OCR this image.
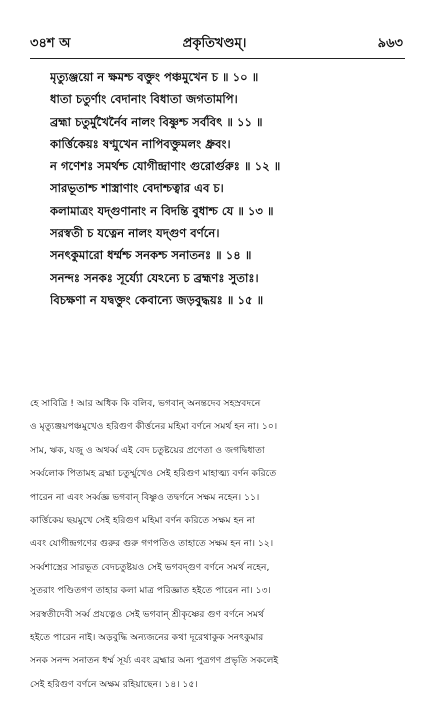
প্রকৃতিখণ্ডম্।
৩৪শ অ	৯৬৩
মৃত্যুঞ্জয়ো ন ক্ষমশ্চ বক্তুং পঞ্চমুখেন চ ॥ ১০ ॥
ধাতা চতুর্ণাং বেদানাং বিধাতা জগতামপি।
ব্রহ্মা চতুর্মুখৈর্নৈব নালং বিষ্ণুশ্চ সর্ববিৎ ॥ ১১ ॥
কার্ত্তিকেয়ঃ ষণ্মুখেন নাপিবক্তুমলং ধ্রুবং।
ন গণেশঃ সমর্থশ্চ যোগীন্দ্রাণাং গুরোর্গুরুঃ ॥ ১২ ॥
সারভূতাশ্চ শাস্ত্রাণাং বেদাশ্চত্বার এব চ।
কলামাত্রং যদ্গুণানাং ন বিদন্তি বুধাশ্চ যে ॥ ১৩ ॥
সরস্বতী চ যত্নেন নালং যদ্গুণ বর্ণনে।
সনৎকুমারো ধর্ম্মশ্চ সনকশ্চ সনাতনঃ ॥ ১৪ ॥
সনন্দঃ সনকঃ সূর্য্যো যেঽন্যে চ ব্রহ্মণঃ সুতাঃ।
বিচক্ষণা ন যদ্বক্তুং কেবান্যে জড়বুদ্ধয়ঃ ॥ ১৫ ॥
হে সাবিত্রি ! আর অধিক কি বলিব, ভগবান্‌ অনন্তদেব সহস্রবদনে
ও মৃত্যুঞ্জয়পঞ্চমুখেও হরিগুণ কীর্ত্তনের মহিমা বর্ণনে সমর্থ হন না। ১০।
সাম, ঋক, যজু ও অথর্ব্ব এই বেদ চতুষ্টয়ের প্রণেতা ও জগদ্বিধাতা
সর্ব্বলোক পিতামহ ব্রহ্মা চতুর্ম্মুখেও সেই হরিগুণ মাহাত্ম্য বর্ণন করিতে
পারেন না এবং সর্ব্বজ্ঞ ভগবান্‌ বিষ্ণুও তদ্বর্ণনে সক্ষম নহেন। ১১।
কার্ত্তিকেয় ছয়মুখে সেই হরিগুণ মহিমা বর্ণন করিতে সক্ষম হন না
এবং যোগীন্দ্রগণের গুরুর গুরু গণপতিও তাহাতে সক্ষম হন না। ১২।
সর্ব্বশাস্ত্রের সারভূত বেদচতুষ্টয়ও সেই ভগবদ্গুণ বর্ণনে সমর্থ নহেন,
সুতরাং পণ্ডিতগণ তাহার কলা মাত্র পরিজ্ঞাত হইতে পারেন না। ১৩।
সরস্বতীদেবী সর্ব্ব প্রযত্নেও সেই ভগবান্‌ শ্রীকৃষ্ণের গুণ বর্ণনে সমর্থ
হইতে পারেন নাই। অড়বুদ্ধি অন্যজনের কথা দূরেথাকুক সনৎকুমার
সনক সনন্দ সনাতন ধর্ম্ম সূর্য্য এবং ব্রহ্মার অন্য পুত্রগণ প্রভৃতি সকলেই
সেই হরিগুণ বর্ণনে অক্ষম রহিয়াছেন। ১৪। ১৫।
